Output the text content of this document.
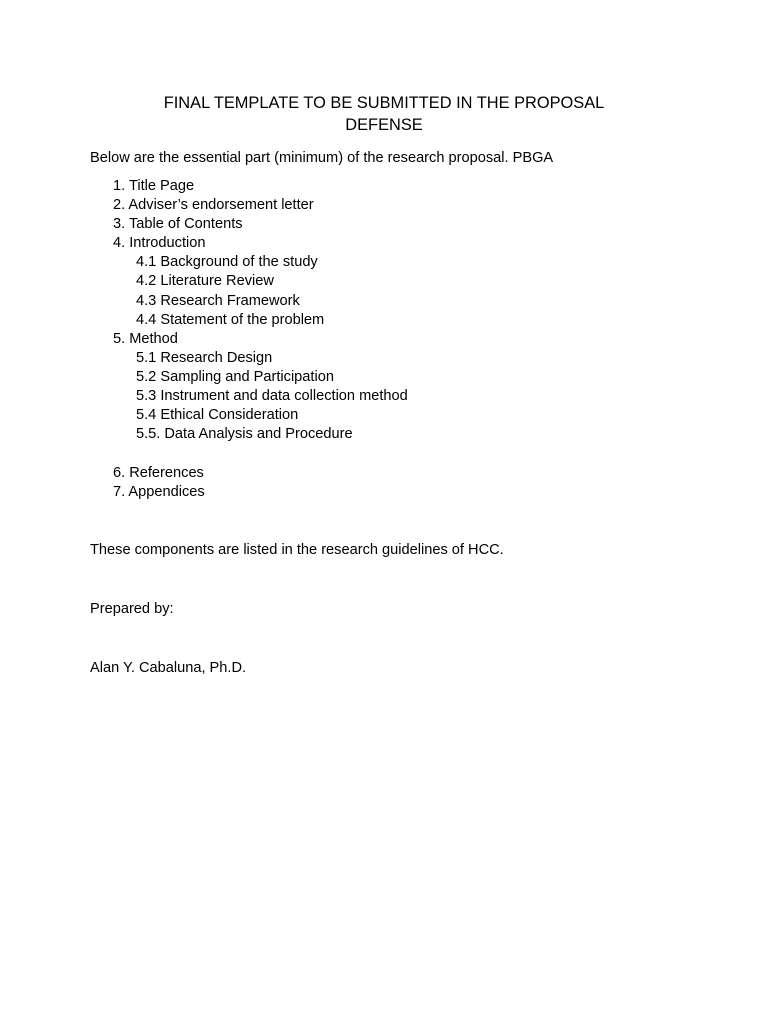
FINAL TEMPLATE TO BE SUBMITTED IN THE PROPOSAL
DEFENSE
Below are the essential part (minimum) of the research proposal. PBGA
1. Title Page
2. Adviser’s endorsement letter
3. Table of Contents
4. Introduction
4.1 Background of the study
4.2 Literature Review
4.3 Research Framework
4.4 Statement of the problem
5. Method
5.1 Research Design
5.2 Sampling and Participation
5.3 Instrument and data collection method
5.4 Ethical Consideration
5.5. Data Analysis and Procedure
6. References
7. Appendices
These components are listed in the research guidelines of HCC.
Prepared by:
Alan Y. Cabaluna, Ph.D.
